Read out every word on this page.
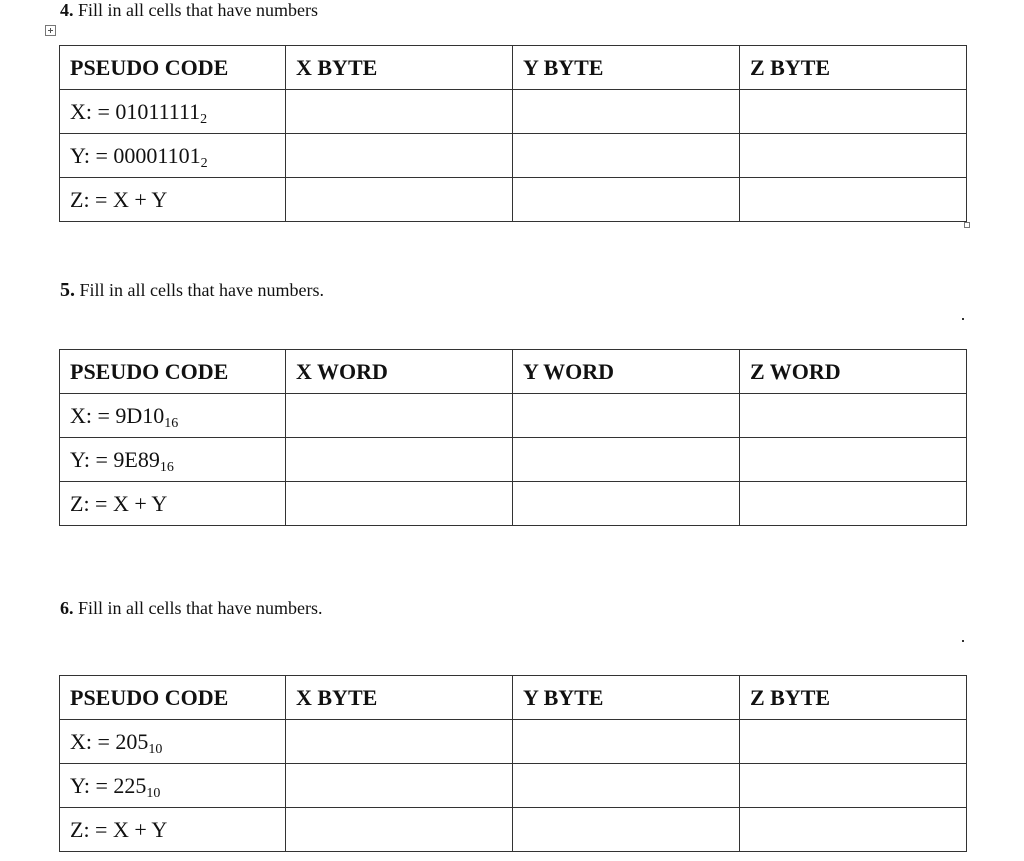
4. Fill in all cells that have numbers
PSEUDO CODE	X BYTE	Y BYTE	Z BYTE
X: = $01011111_2$			
Y: = $00001101_2$			
Z: = X + Y			
5. Fill in all cells that have numbers.
PSEUDO CODE	X WORD	Y WORD	Z WORD
X: = $9D10_{16}$			
Y: = $9E89_{16}$			
Z: = X + Y			
6. Fill in all cells that have numbers.
PSEUDO CODE	X BYTE	Y BYTE	Z BYTE
X: = $205_{10}$			
Y: = $225_{10}$			
Z: = X + Y			
